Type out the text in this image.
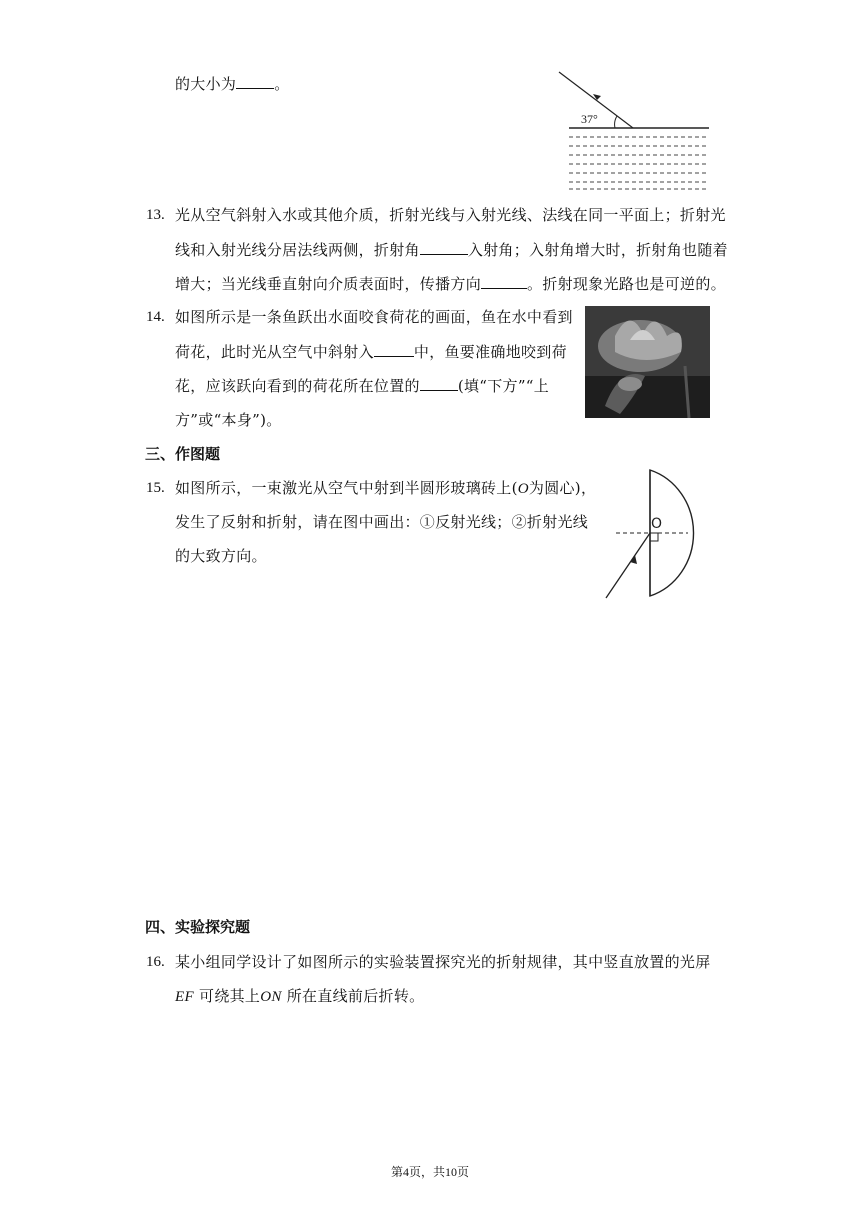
的大小为	。
37°
13. 光从空气斜射入水或其他介质，折射光线与入射光线、法线在同一平面上；折射光
线和入射光线分居法线两侧，折射角	入射角；入射角增大时，折射角也随着
增大；当光线垂直射向介质表面时，传播方向	。折射现象光路也是可逆的。
14. 如图所示是一条鱼跃出水面咬食荷花的画面，鱼在水中看到
荷花，此时光从空气中斜射入	中，鱼要准确地咬到荷
花，应该跃向看到的荷花所在位置的	(填“下方”“上
方”或“本身”)。
三、作图题
15. 如图所示，一束激光从空气中射到半圆形玻璃砖上(O为圆心)，
发生了反射和折射，请在图中画出：①反射光线；②折射光线
的大致方向。
O
四、实验探究题
16. 某小组同学设计了如图所示的实验装置探究光的折射规律，其中竖直放置的光屏
EF 可绕其上ON 所在直线前后折转。
第4页，共10页
